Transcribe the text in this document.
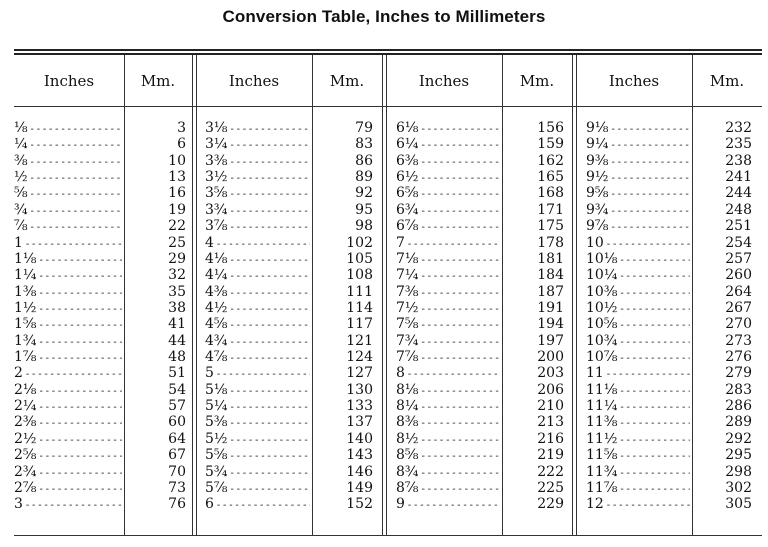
Conversion Table, Inches to Millimeters
Inches	Mm.	Inches	Mm.	Inches	Mm.	Inches	Mm.
⅛ - - -	3
¼ - - -	6
⅜ - - -	10
½ - - -	13
⅝ - - -	16
¾ - - -	19
⅞ - - -	22
1 - - -	25
1⅛ - - -	29
1¼ - - -	32
1⅜ - - -	35
1½ - - -	38
1⅝ - - -	41
1¾ - - -	44
1⅞ - - -	48
2 - - -	51
2⅛ - - -	54
2¼ - - -	57
2⅜ - - -	60
2½ - - -	64
2⅝ - - -	67
2¾ - - -	70
2⅞ - - -	73
3 - - -	76
3⅛ - - -	79
3¼ - - -	83
3⅜ - - -	86
3½ - - -	89
3⅝ - - -	92
3¾ - - -	95
3⅞ - - -	98
4 - - -	102
4⅛ - - -	105
4¼ - - -	108
4⅜ - - -	111
4½ - - -	114
4⅝ - - -	117
4¾ - - -	121
4⅞ - - -	124
5 - - -	127
5⅛ - - -	130
5¼ - - -	133
5⅜ - - -	137
5½ - - -	140
5⅝ - - -	143
5¾ - - -	146
5⅞ - - -	149
6 - - -	152
6⅛ - - -	156
6¼ - - -	159
6⅜ - - -	162
6½ - - -	165
6⅝ - - -	168
6¾ - - -	171
6⅞ - - -	175
7 - - -	178
7⅛ - - -	181
7¼ - - -	184
7⅜ - - -	187
7½ - - -	191
7⅝ - - -	194
7¾ - - -	197
7⅞ - - -	200
8 - - -	203
8⅛ - - -	206
8¼ - - -	210
8⅜ - - -	213
8½ - - -	216
8⅝ - - -	219
8¾ - - -	222
8⅞ - - -	225
9 - - -	229
9⅛ - - -	232
9¼ - - -	235
9⅜ - - -	238
9½ - - -	241
9⅝ - - -	244
9¾ - - -	248
9⅞ - - -	251
10 - - -	254
10⅛ - - -	257
10¼ - - -	260
10⅜ - - -	264
10½ - - -	267
10⅝ - - -	270
10¾ - - -	273
10⅞ - - -	276
11 - - -	279
11⅛ - - -	283
11¼ - - -	286
11⅜ - - -	289
11½ - - -	292
11⅝ - - -	295
11¾ - - -	298
11⅞ - - -	302
12 - - -	305
